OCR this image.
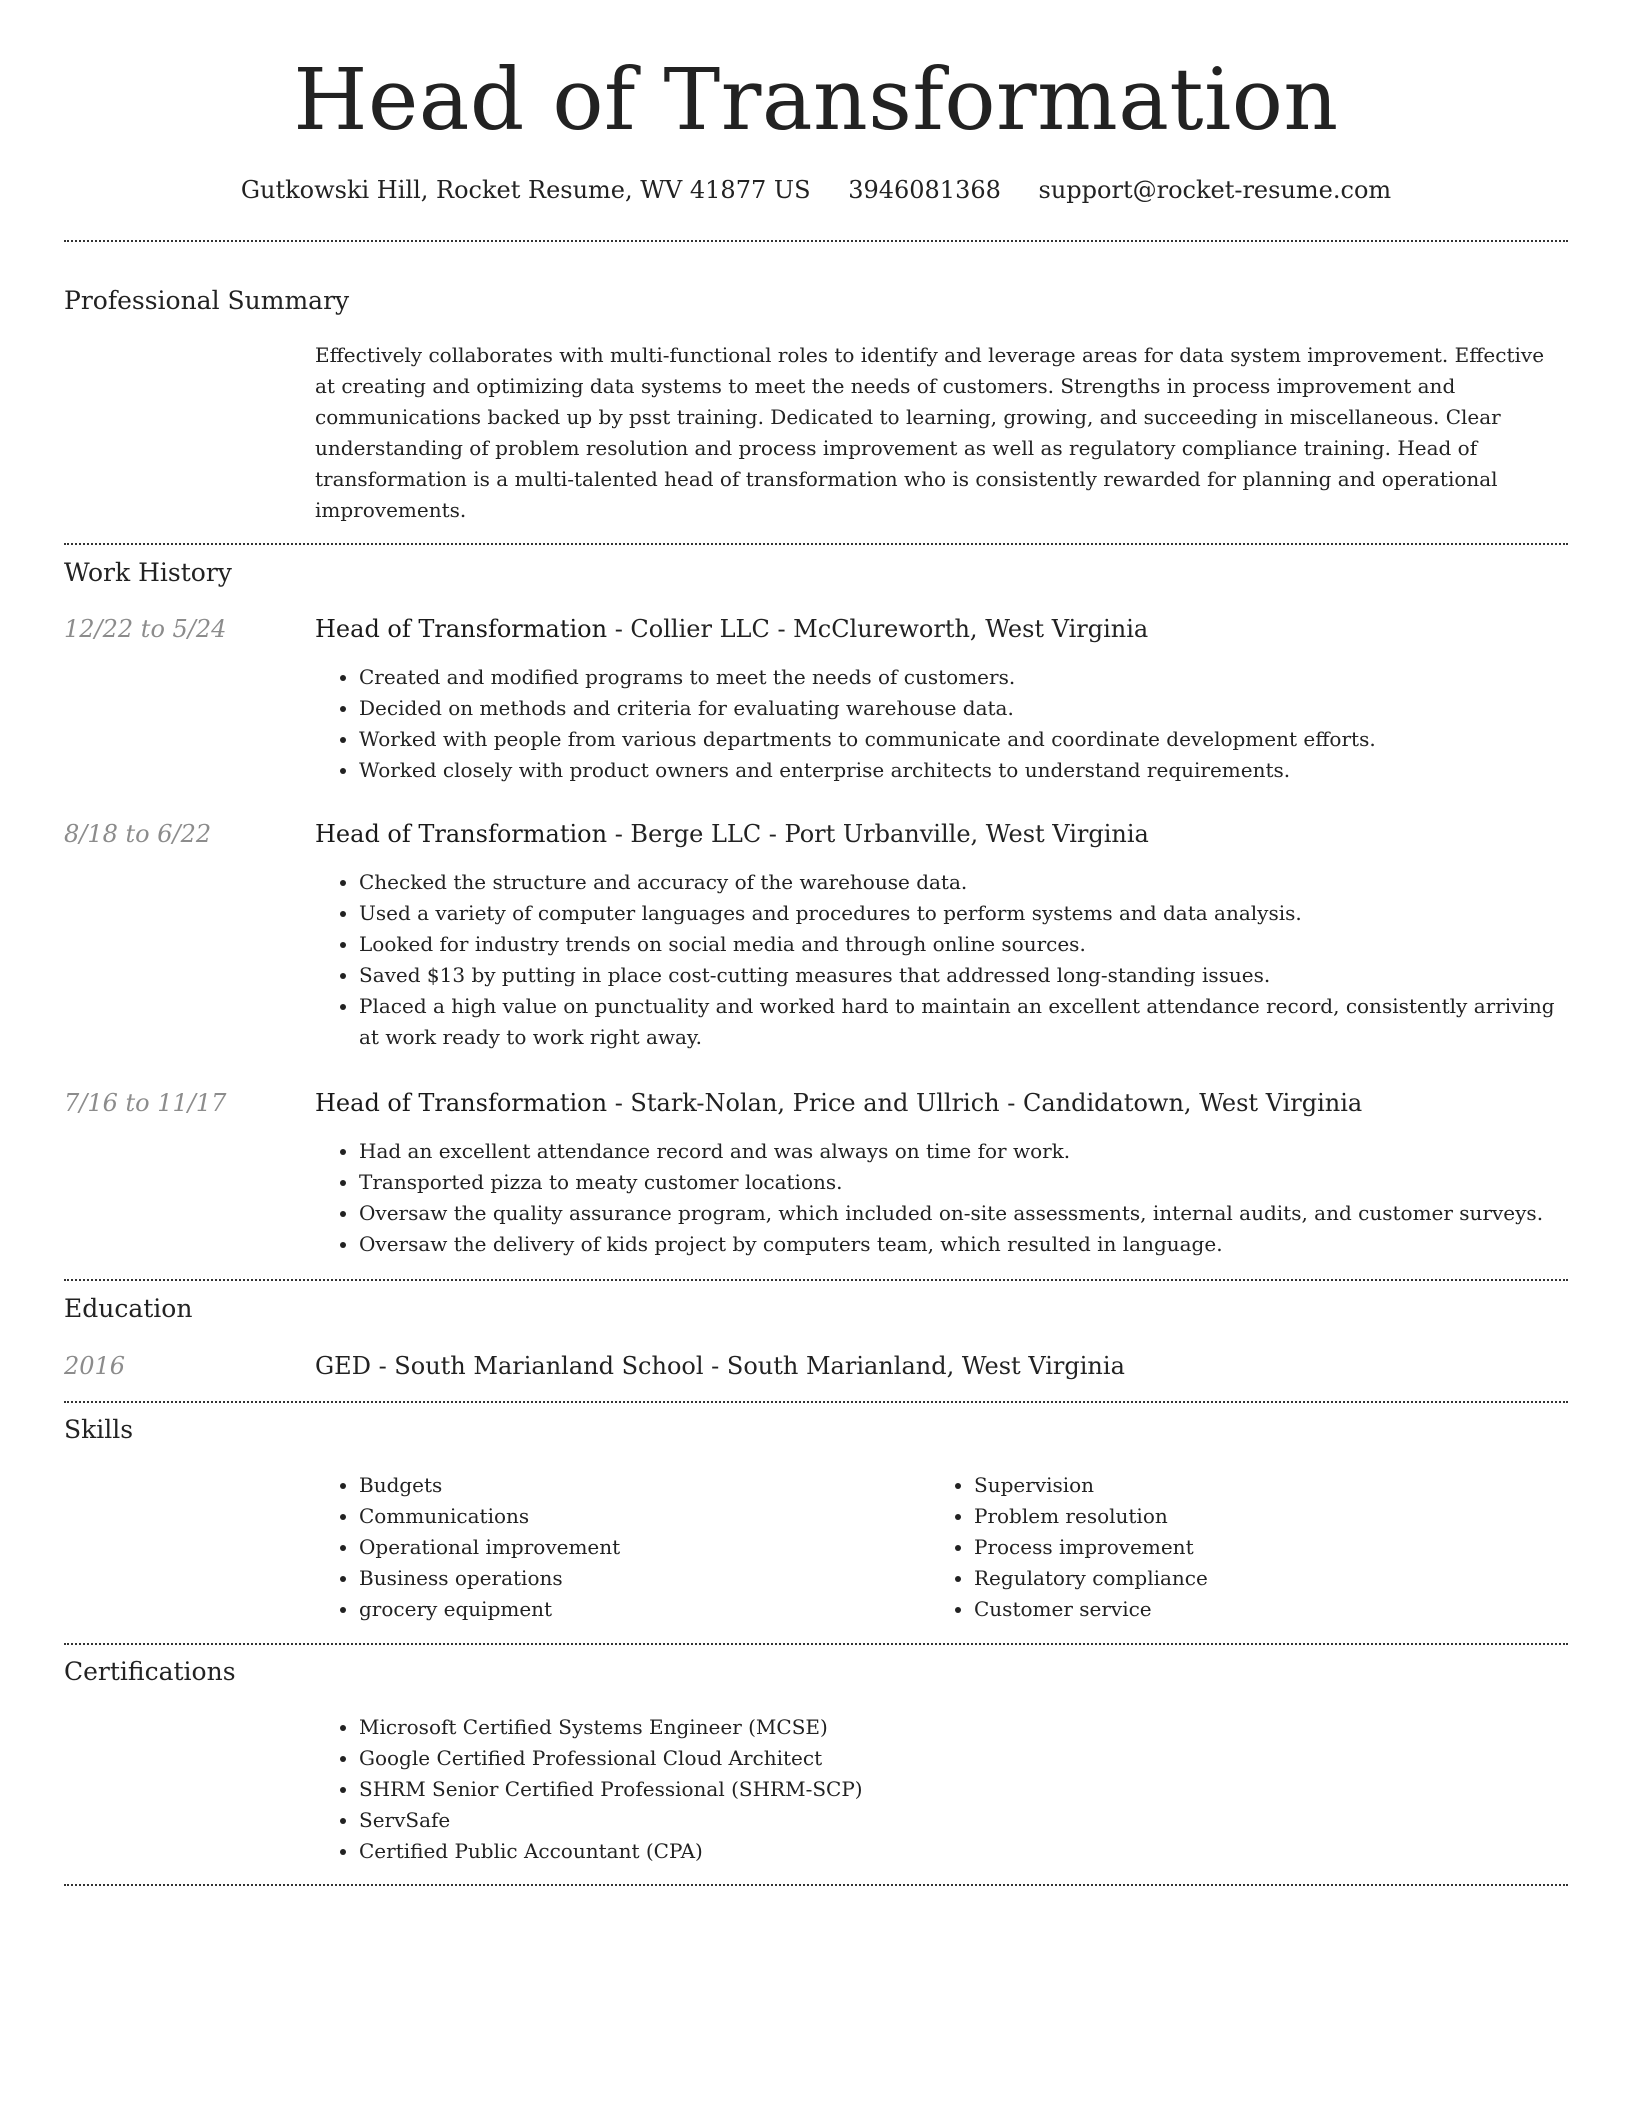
Head of Transformation
Gutkowski Hill, Rocket Resume, WV 41877 US 3946081368 support@rocket-resume.com
Professional Summary
Effectively collaborates with multi-functional roles to identify and leverage areas for data system improvement. Effective at creating and optimizing data systems to meet the needs of customers. Strengths in process improvement and communications backed up by psst training. Dedicated to learning, growing, and succeeding in miscellaneous. Clear understanding of problem resolution and process improvement as well as regulatory compliance training. Head of transformation is a multi-talented head of transformation who is consistently rewarded for planning and operational improvements.
Work History
12/22 to 5/24	Head of Transformation - Collier LLC - McClureworth, West Virginia
• Created and modified programs to meet the needs of customers.
• Decided on methods and criteria for evaluating warehouse data.
• Worked with people from various departments to communicate and coordinate development efforts.
• Worked closely with product owners and enterprise architects to understand requirements.
8/18 to 6/22	Head of Transformation - Berge LLC - Port Urbanville, West Virginia
• Checked the structure and accuracy of the warehouse data.
• Used a variety of computer languages and procedures to perform systems and data analysis.
• Looked for industry trends on social media and through online sources.
• Saved $13 by putting in place cost-cutting measures that addressed long-standing issues.
• Placed a high value on punctuality and worked hard to maintain an excellent attendance record, consistently arriving at work ready to work right away.
7/16 to 11/17	Head of Transformation - Stark-Nolan, Price and Ullrich - Candidatown, West Virginia
• Had an excellent attendance record and was always on time for work.
• Transported pizza to meaty customer locations.
• Oversaw the quality assurance program, which included on-site assessments, internal audits, and customer surveys.
• Oversaw the delivery of kids project by computers team, which resulted in language.
Education
2016	GED - South Marianland School - South Marianland, West Virginia
Skills
• Budgets
• Communications
• Operational improvement
• Business operations
• grocery equipment
• Supervision
• Problem resolution
• Process improvement
• Regulatory compliance
• Customer service
Certifications
• Microsoft Certified Systems Engineer (MCSE)
• Google Certified Professional Cloud Architect
• SHRM Senior Certified Professional (SHRM-SCP)
• ServSafe
• Certified Public Accountant (CPA)
